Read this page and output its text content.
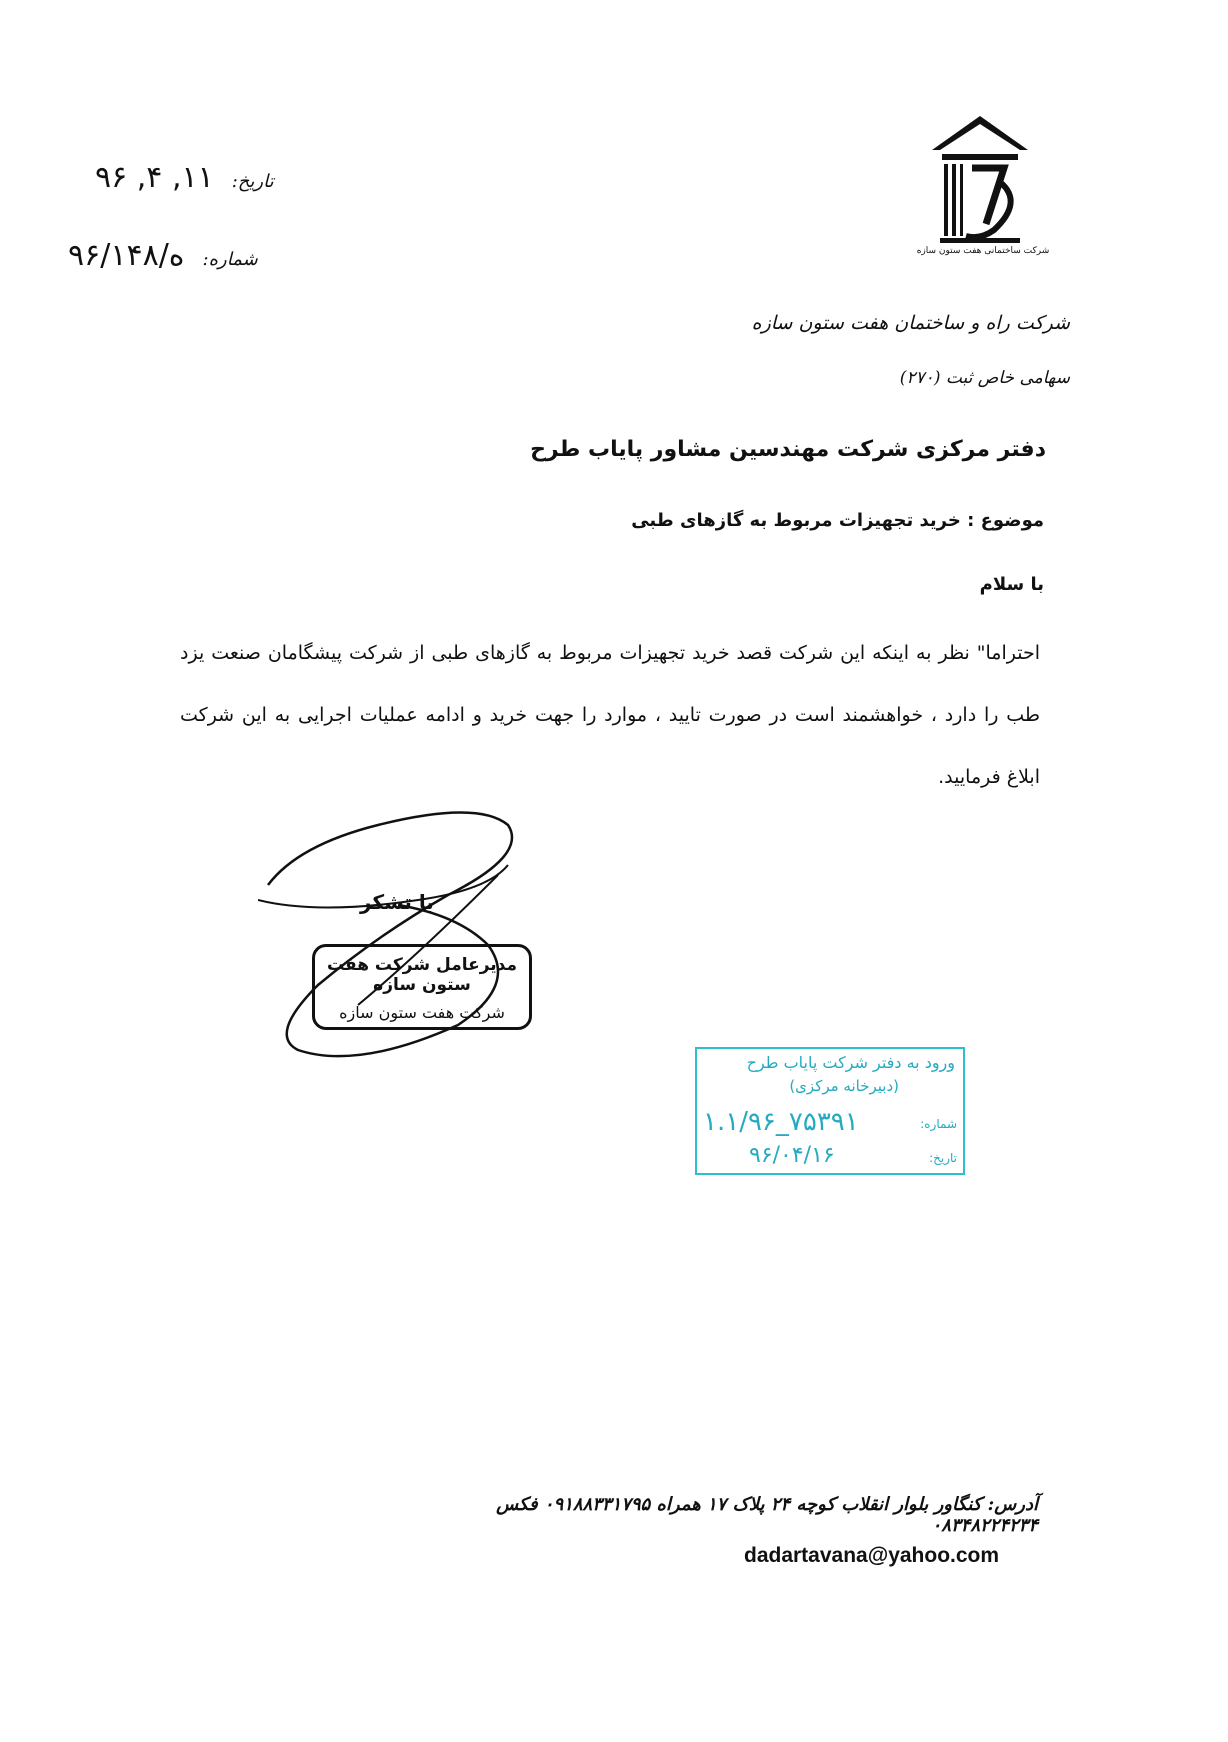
شرکت ساختمانی هفت ستون سازه
۹۶ ,۴ ,۱۱ تاریخ:
۹۶/ه/۱۴۸ شماره:
شرکت راه و ساختمان هفت ستون سازه
سهامی خاص ثبت (۲۷۰)
دفتر مرکزی شرکت مهندسین مشاور پایاب طرح
موضوع : خرید تجهیزات مربوط به گازهای طبی
با سلام
احتراما" نظر به اینکه این شرکت قصد خرید تجهیزات مربوط به گازهای طبی از شرکت پیشگامان صنعت یزد طب را دارد ، خواهشمند است در صورت تایید ، موارد را جهت خرید و ادامه عملیات اجرایی به این شرکت ابلاغ فرمایید.
با تشکر
مدیرعامل شرکت هفت ستون سازه
شرکت هفت ستون سازه
ورود به دفتر شرکت پایاب طرح
(دبیرخانه مرکزی)
شماره:
۱.۱/۹۶_۷۵۳۹۱
تاریخ:
۹۶/۰۴/۱۶
آدرس: کنگاور بلوار انقلاب کوچه ۲۴ پلاک ۱۷ همراه ۰۹۱۸۸۳۳۱۷۹۵ فکس ۰۸۳۴۸۲۲۴۲۳۴
dadartavana@yahoo.com
